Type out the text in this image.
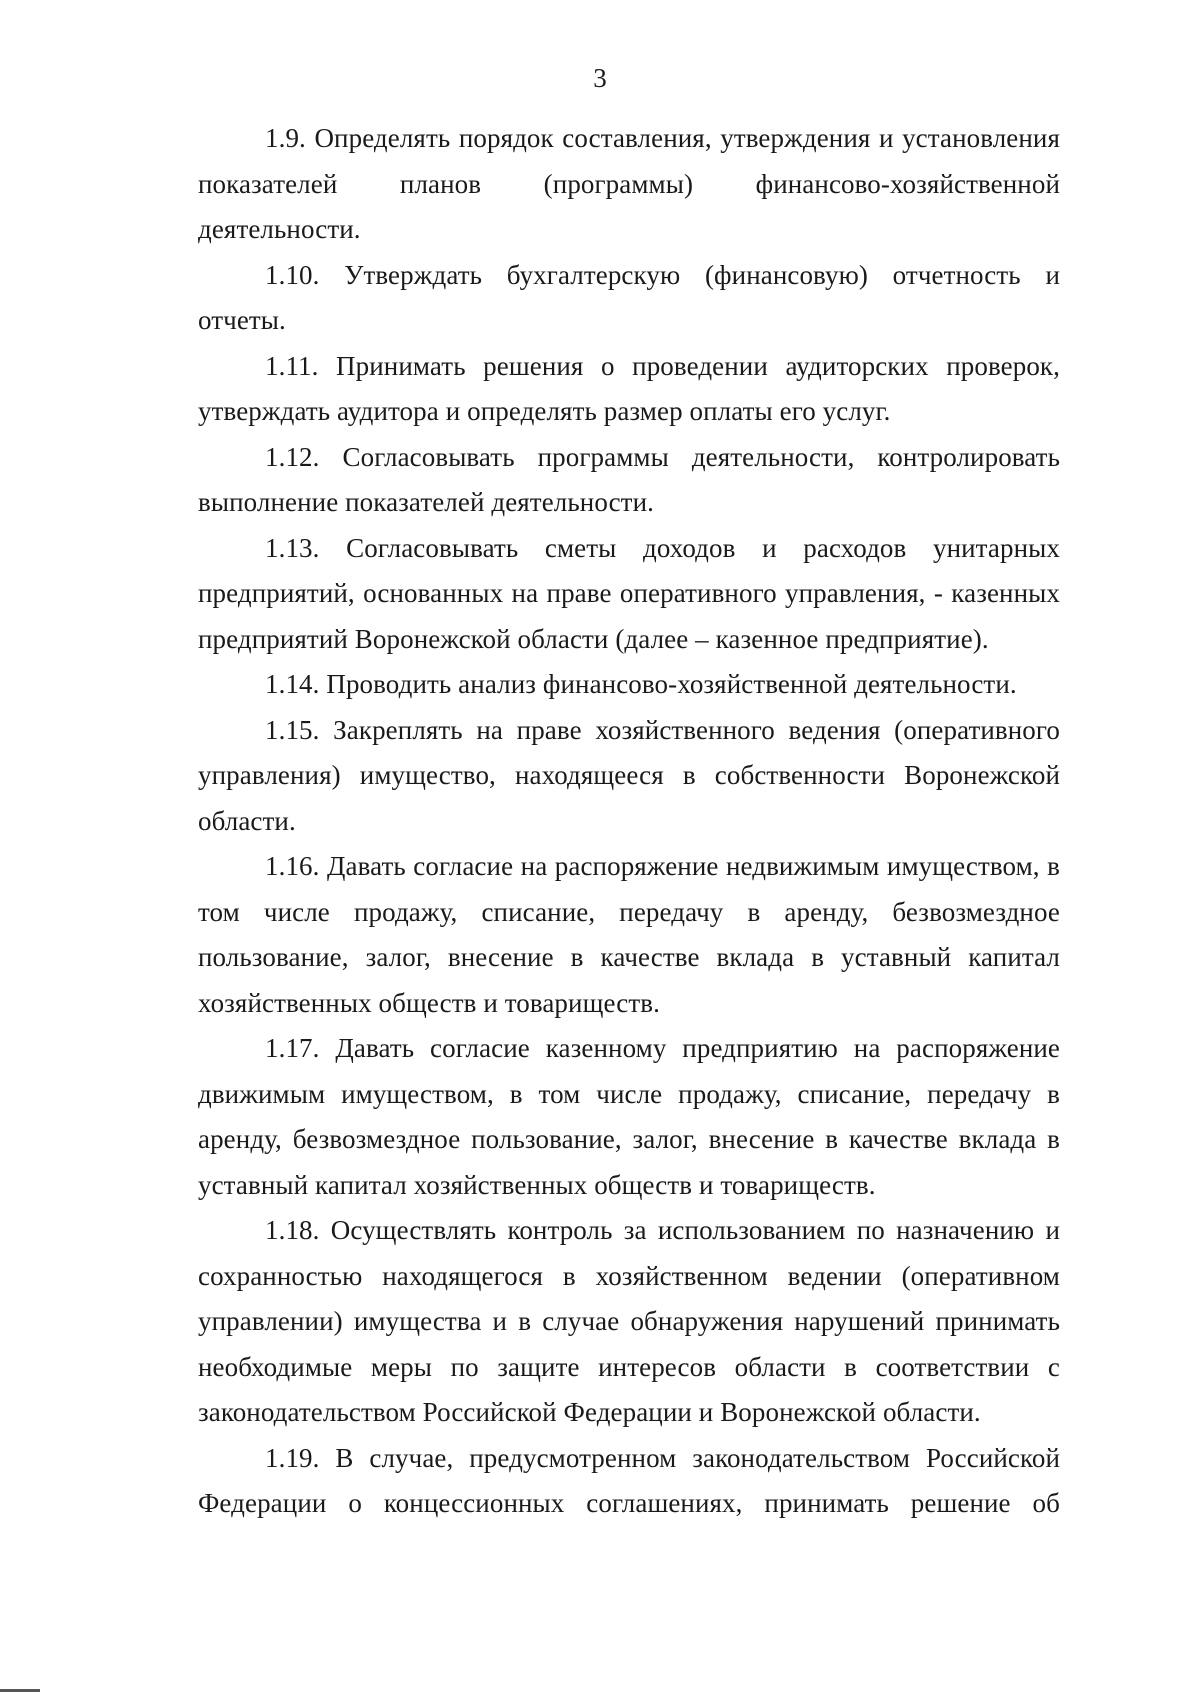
3

1.9. Определять порядок составления, утверждения и установления показателей планов (программы) финансово-хозяйственной деятельности.

1.10. Утверждать бухгалтерскую (финансовую) отчетность и отчеты.

1.11. Принимать решения о проведении аудиторских проверок, утверждать аудитора и определять размер оплаты его услуг.

1.12. Согласовывать программы деятельности, контролировать выполнение показателей деятельности.

1.13. Согласовывать сметы доходов и расходов унитарных предприятий, основанных на праве оперативного управления, - казенных предприятий Воронежской области (далее – казенное предприятие).

1.14. Проводить анализ финансово-хозяйственной деятельности.

1.15. Закреплять на праве хозяйственного ведения (оперативного управления) имущество, находящееся в собственности Воронежской области.

1.16. Давать согласие на распоряжение недвижимым имуществом, в том числе продажу, списание, передачу в аренду, безвозмездное пользование, залог, внесение в качестве вклада в уставный капитал хозяйственных обществ и товариществ.

1.17. Давать согласие казенному предприятию на распоряжение движимым имуществом, в том числе продажу, списание, передачу в аренду, безвозмездное пользование, залог, внесение в качестве вклада в уставный капитал хозяйственных обществ и товариществ.

1.18. Осуществлять контроль за использованием по назначению и сохранностью находящегося в хозяйственном ведении (оперативном управлении) имущества и в случае обнаружения нарушений принимать необходимые меры по защите интересов области в соответствии с законодательством Российской Федерации и Воронежской области.

1.19. В случае, предусмотренном законодательством Российской Федерации о концессионных соглашениях, принимать решение об
